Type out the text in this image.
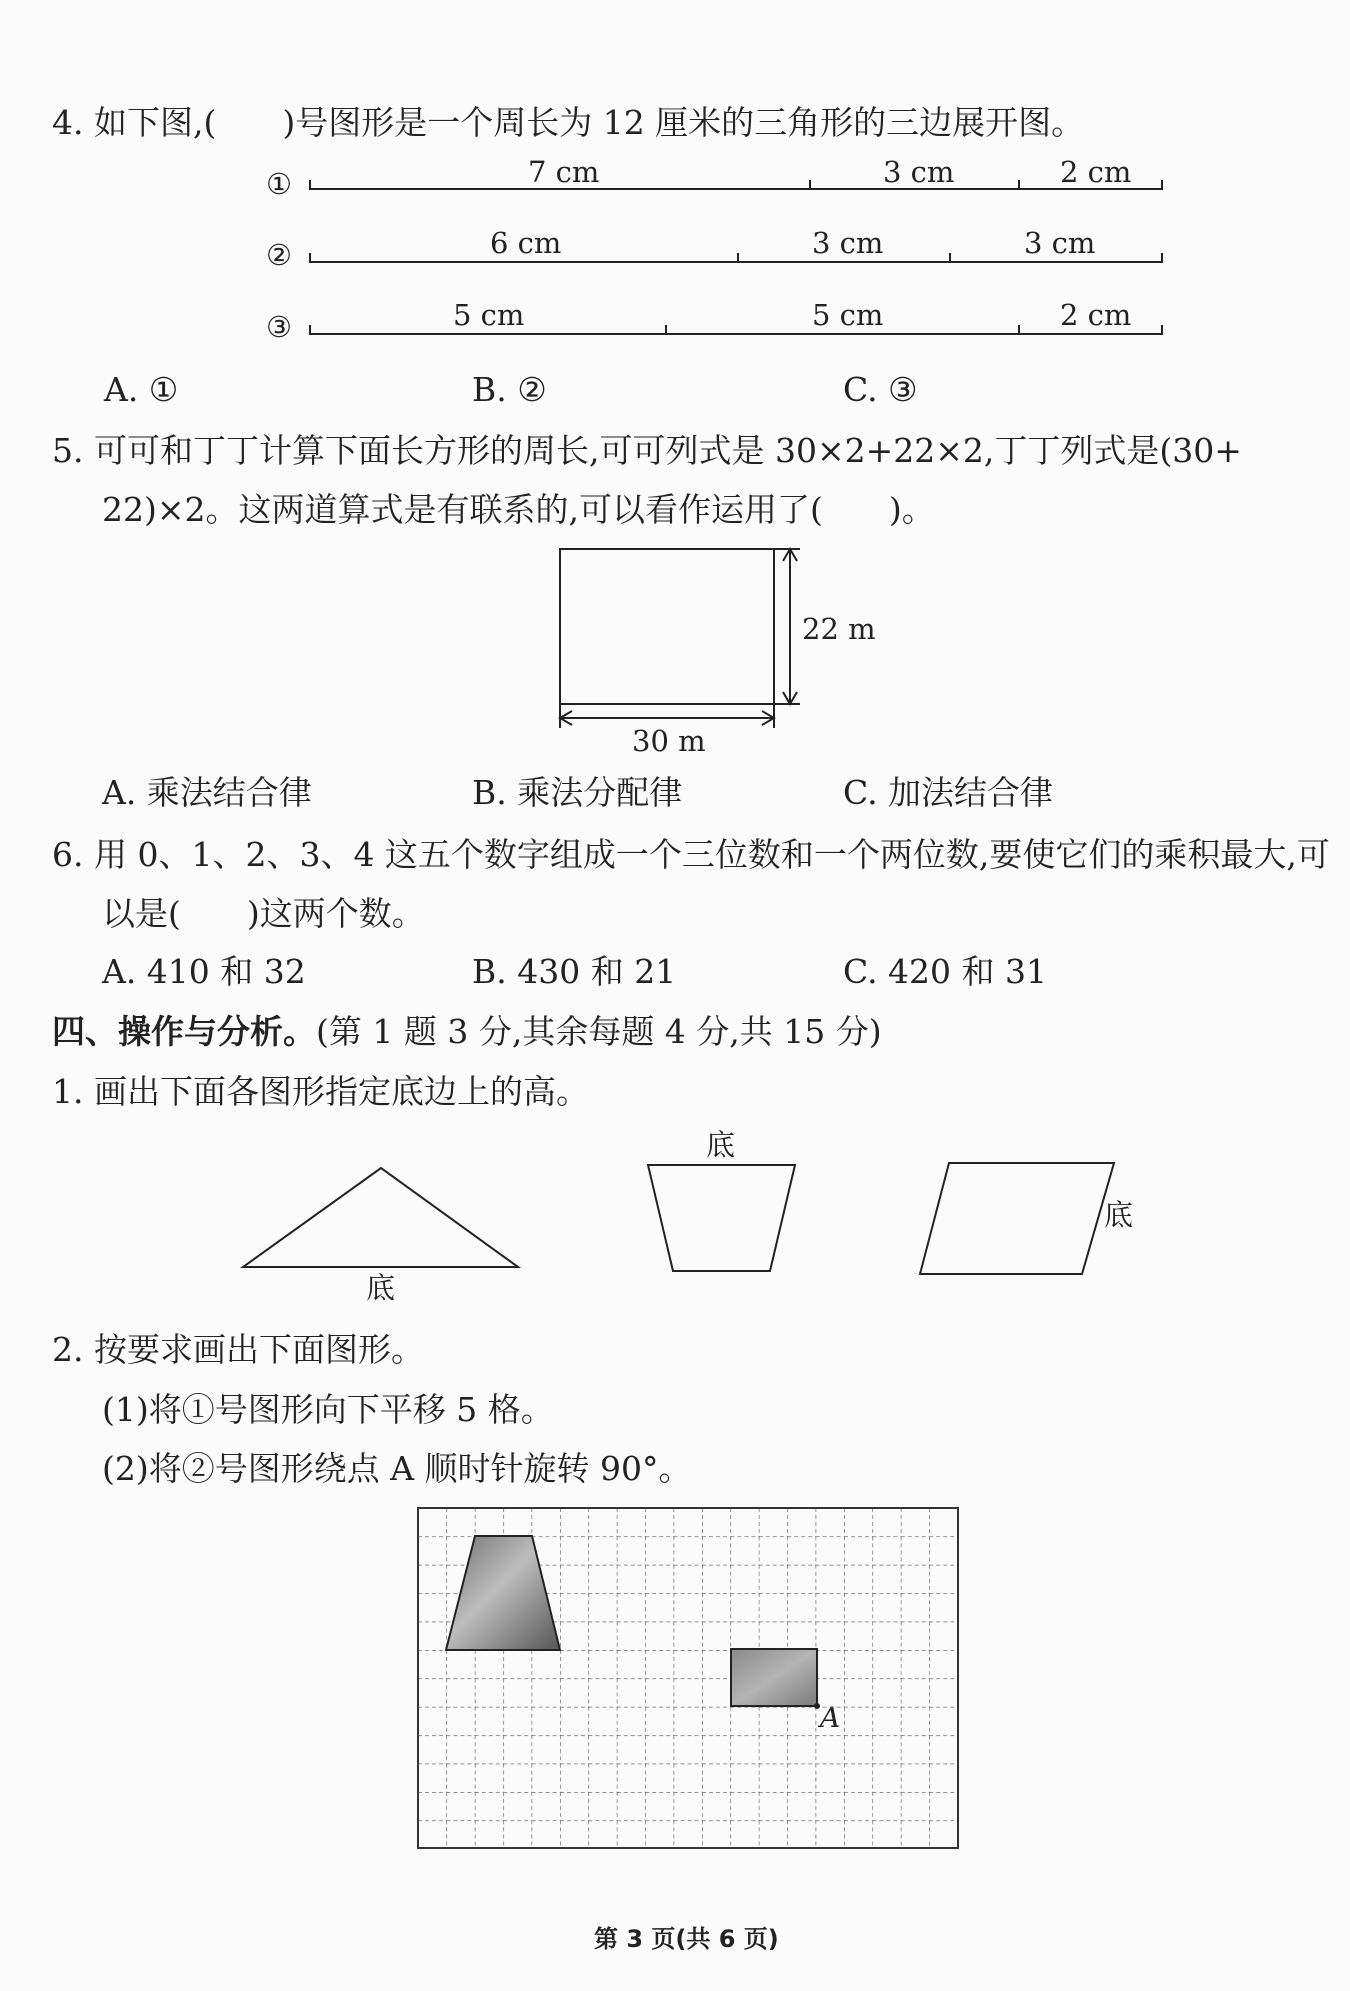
4. 如下图,(　　)号图形是一个周长为 12 厘米的三角形的三边展开图。
①	7 cm	3 cm	2 cm
②	6 cm	3 cm	3 cm
③	5 cm	5 cm	2 cm
A. ①	B. ②	C. ③
5. 可可和丁丁计算下面长方形的周长,可可列式是 30×2+22×2,丁丁列式是(30+
22)×2。这两道算式是有联系的,可以看作运用了(　　)。
22 m
30 m
A. 乘法结合律	B. 乘法分配律	C. 加法结合律
6. 用 0、1、2、3、4 这五个数字组成一个三位数和一个两位数,要使它们的乘积最大,可
以是(　　)这两个数。
A. 410 和 32	B. 430 和 21	C. 420 和 31
四、操作与分析。(第 1 题 3 分,其余每题 4 分,共 15 分)
1. 画出下面各图形指定底边上的高。
底
底
底
2. 按要求画出下面图形。
(1)将①号图形向下平移 5 格。
(2)将②号图形绕点 A 顺时针旋转 90°。
第 3 页(共 6 页)
